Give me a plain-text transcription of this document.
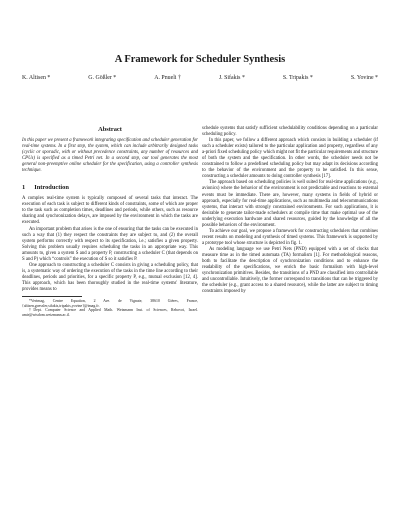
A Framework for Scheduler Synthesis
K. Altisen *	G. Gößler *	A. Pnueli †	J. Sifakis *	S. Tripakis *	S. Yovine *
Abstract

In this paper we present a framework integrating specification and scheduler generation for real-time systems. In a first step, the system, which can include arbitrarily designed tasks (cyclic or sporadic, with or without precedence constraints, any number of resources and CPUs) is specified as a timed Petri net. In a second step, our tool generates the most general non-preemptive online scheduler for the specification, using a controller synthesis technique.

1 Introduction

A complex real-time system is typically composed of several tasks that interact. The execution of each task is subject to different kinds of constraints, some of which are proper to the task such as completion times, deadlines and periods, while others, such as resource sharing and synchronization delays, are imposed by the environment in which the tasks are executed.

An important problem that arises is the one of ensuring that the tasks can be executed in such a way that (1) they respect the constraints they are subject to, and (2) the overall system performs correctly with respect to its specification, i.e.; satisfies a given property. Solving this problem usually requires scheduling the tasks in an appropriate way. This amounts to, given a system S and a property P, constructing a scheduler C (that depends on S and P) which “controls” the execution of S so it satisfies P.

One approach to constructing a scheduler C consists in giving a scheduling policy, that is, a systematic way of ordering the execution of the tasks in the time line according to their deadlines, periods and priorities, for a specific property P, e.g., mutual exclusion [12, 4]. This approach, which has been thoroughly studied in the real-time systems' literature, provides means to

*Verimag, Centre Equation, 2 Ave. de Vignate, 38610 Gières, France, {altisen,goessler,sifakis,tripakis,yovine}@imag.fr.

†Dept. Computer Science and Applied Math. Weizmann Inst. of Sciences, Rehovot, Israel. amir@wisdom.weizmann.ac.il.

schedule systems that satisfy sufficient schedulability conditions depending on a particular scheduling policy.

In this paper, we follow a different approach which consists in building a scheduler (if such a scheduler exists) tailored to the particular application and property, regardless of any a-priori fixed scheduling policy which might not fit the particular requirements and structure of both the system and the specification. In other words, the scheduler needs not be constrained to follow a predefined scheduling policy but may adapt its decisions according to the behavior of the environment and the property to be satisfied. In this sense, constructing a scheduler amounts to doing controller synthesis [17].

The approach based on scheduling policies is well suited for real-time applications (e.g., avionics) where the behavior of the environment is not predictable and reactions to external events must be immediate. There are, however, many systems in fields of hybrid or approach, especially for real-time applications, such as multimedia and telecommunications systems, that interact with strongly constrained environments. For such applications, it is desirable to generate tailor-made schedulers at compile time that make optimal use of the underlying execution hardware and shared resources, guided by the knowledge of all the possible behaviors of the environment.

To achieve our goal, we propose a framework for constructing schedulers that combines recent results on modeling and synthesis of timed systems. This framework is supported by a prototype tool whose structure is depicted in fig. 1.

As modeling language we use Petri Nets (PND) equipped with a set of clocks that measure time as in the timed automata (TA) formalism [1]. For methodological reasons, both to facilitate the description of synchronization conditions and to enhance the readability of the specifications, we enrich the basic formalism with high-level synchronization primitives. Besides, the transitions of a PND are classified into controllable and uncontrollable. Intuitively, the former correspond to transitions that can be triggered by the scheduler (e.g., grant access to a shared resource), while the latter are subject to timing constraints imposed by
